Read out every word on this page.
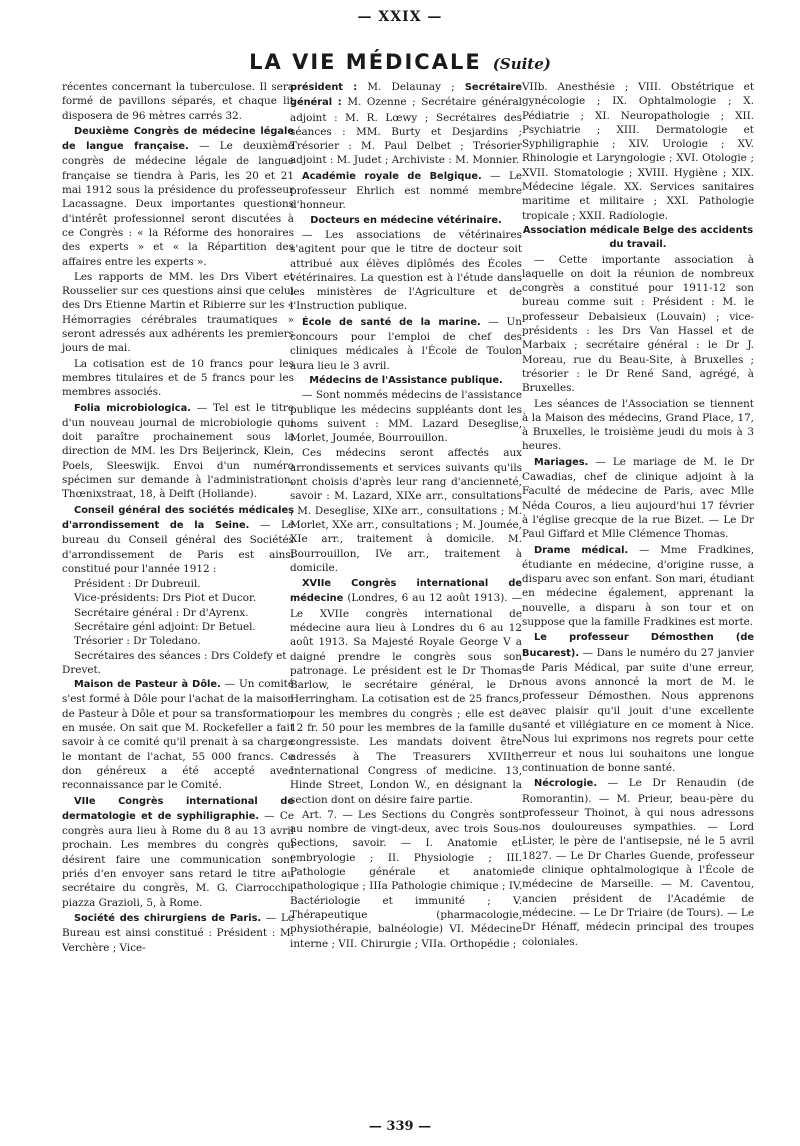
— XXIX —
LA VIE MÉDICALE (Suite)

récentes concernant la tuberculose. Il sera formé de pavillons séparés, et chaque lit disposera de 96 mètres carrés 32.

Deuxième Congrès de médecine légale de langue française. — Le deuxième congrès de médecine légale de langue française se tiendra à Paris, les 20 et 21 mai 1912 sous la présidence du professeur Lacassagne. Deux importantes questions d'intérêt professionnel seront discutées à ce Congrès : « la Réforme des honoraires des experts » et « la Répartition des affaires entre les experts ».

Les rapports de MM. les Drs Vibert et Rousselier sur ces questions ainsi que celui des Drs Etienne Martin et Ribierre sur les « Hémorragies cérébrales traumatiques » seront adressés aux adhérents les premiers jours de mai.

La cotisation est de 10 francs pour les membres titulaires et de 5 francs pour les membres associés.

Folia microbiologica. — Tel est le titre d'un nouveau journal de microbiologie qui doit paraître prochainement sous la direction de MM. les Drs Beijerinck, Klein, Poels, Sleeswijk. Envoi d'un numéro spécimen sur demande à l'administration, Thœnixstraat, 18, à Delft (Hollande).

Conseil général des sociétés médicales d'arrondissement de la Seine. — Le bureau du Conseil général des Sociétés d'arrondissement de Paris est ainsi constitué pour l'année 1912 :

Président : Dr Dubreuil.
Vice-présidents: Drs Piot et Ducor.
Secrétaire général : Dr d'Ayrenx.
Secrétaire génl adjoint: Dr Betuel.
Trésorier : Dr Toledano.
Secrétaires des séances : Drs Coldefy et Drevet.

Maison de Pasteur à Dôle. — Un comité s'est formé à Dôle pour l'achat de la maison de Pasteur à Dôle et pour sa transformation en musée. On sait que M. Rockefeller a fait savoir à ce comité qu'il prenait à sa charge le montant de l'achat, 55 000 francs. Ce don généreux a été accepté avec reconnaissance par le Comité.

VIIe Congrès international de dermatologie et de syphiligraphie. — Ce congrès aura lieu à Rome du 8 au 13 avril prochain. Les membres du congrès qui désirent faire une communication sont priés d'en envoyer sans retard le titre au secrétaire du congrès, M. G. Ciarrocchi, piazza Grazioli, 5, à Rome.

Société des chirurgiens de Paris. — Le Bureau est ainsi constitué : Président : M. Verchère ; Vice-

président : M. Delaunay ; Secrétaire général : M. Ozenne ; Secrétaire général adjoint : M. R. Lœwy ; Secrétaires des séances : MM. Burty et Desjardins ; Trésorier : M. Paul Delbet ; Trésorier adjoint : M. Judet ; Archiviste : M. Monnier.

Académie royale de Belgique. — Le professeur Ehrlich est nommé membre d'honneur.

Docteurs en médecine vétérinaire.

— Les associations de vétérinaires s'agitent pour que le titre de docteur soit attribué aux élèves diplômés des Écoles vétérinaires. La question est à l'étude dans les ministères de l'Agriculture et de l'Instruction publique.

École de santé de la marine. — Un concours pour l'emploi de chef des cliniques médicales à l'École de Toulon aura lieu le 3 avril.

Médecins de l'Assistance publique.

— Sont nommés médecins de l'assistance publique les médecins suppléants dont les noms suivent : MM. Lazard Deseglise, Morlet, Joumée, Bourrouillon.

Ces médecins seront affectés aux arrondissements et services suivants qu'ils ont choisis d'après leur rang d'ancienneté, savoir : M. Lazard, XIXe arr., consultations ; M. Deseglise, XIXe arr., consultations ; M. Morlet, XXe arr., consultations ; M. Joumée, XIe arr., traitement à domicile. M. Bourrouillon, IVe arr., traitement à domicile.

XVIIe Congrès international de médecine (Londres, 6 au 12 août 1913). — Le XVIIe congrès international de médecine aura lieu à Londres du 6 au 12 août 1913. Sa Majesté Royale George V a daigné prendre le congrès sous son patronage. Le président est le Dr Thomas Barlow, le secrétaire général, le Dr Herringham. La cotisation est de 25 francs, pour les membres du congrès ; elle est de 12 fr. 50 pour les membres de la famille du congressiste. Les mandats doivent être adressés à The Treasurers XVIIth International Congress of medicine. 13, Hinde Street, London W., en désignant la section dont on désire faire partie.

Art. 7. — Les Sections du Congrès sont au nombre de vingt-deux, avec trois Sous-Sections, savoir. — I. Anatomie et embryologie ; II. Physiologie ; III. Pathologie générale et anatomie pathologique ; IIIa Pathologie chimique ; IV. Bactériologie et immunité ; V. Thérapeutique (pharmacologie, physiothérapie, balnéologie) VI. Médecine interne ; VII. Chirurgie ; VIIa. Orthopédie ;

VIIb. Anesthésie ; VIII. Obstétrique et gynécologie ; IX. Ophtalmologie ; X. Pédiatrie ; XI. Neuropathologie ; XII. Psychiatrie ; XIII. Dermatologie et Syphiligraphie ; XIV. Urologie ; XV. Rhinologie et Laryngologie ; XVI. Otologie ; XVII. Stomatologie ; XVIII. Hygiène ; XIX. Médecine légale. XX. Services sanitaires maritime et militaire ; XXI. Pathologie tropicale ; XXII. Radiologie.

Association médicale Belge des accidents du travail.

— Cette importante association à laquelle on doit la réunion de nombreux congrès a constitué pour 1911-12 son bureau comme suit : Président : M. le professeur Debaisieux (Louvain) ; vice-présidents : les Drs Van Hassel et de Marbaix ; secrétaire général : le Dr J. Moreau, rue du Beau-Site, à Bruxelles ; trésorier : le Dr René Sand, agrégé, à Bruxelles.

Les séances de l'Association se tiennent à la Maison des médecins, Grand Place, 17, à Bruxelles, le troisième jeudi du mois à 3 heures.

Mariages. — Le mariage de M. le Dr Cawadias, chef de clinique adjoint à la Faculté de médecine de Paris, avec Mlle Néda Couros, a lieu aujourd'hui 17 février à l'église grecque de la rue Bizet. — Le Dr Paul Giffard et Mlle Clémence Thomas.

Drame médical. — Mme Fradkines, étudiante en médecine, d'origine russe, a disparu avec son enfant. Son mari, étudiant en médecine également, apprenant la nouvelle, a disparu à son tour et on suppose que la famille Fradkines est morte.

Le professeur Démosthen (de Bucarest). — Dans le numéro du 27 janvier de Paris Médical, par suite d'une erreur, nous avons annoncé la mort de M. le professeur Démosthen. Nous apprenons avec plaisir qu'il jouit d'une excellente santé et villégiature en ce moment à Nice. Nous lui exprimons nos regrets pour cette erreur et nous lui souhaitons une longue continuation de bonne santé.

Nécrologie. — Le Dr Renaudin (de Romorantin). — M. Prieur, beau-père du professeur Thoinot, à qui nous adressons nos douloureuses sympathies. — Lord Lister, le père de l'antisepsie, né le 5 avril 1827. — Le Dr Charles Guende, professeur de clinique ophtalmologique à l'École de médecine de Marseille. — M. Caventou, ancien président de l'Académie de médecine. — Le Dr Triaire (de Tours). — Le Dr Hénaff, médecin principal des troupes coloniales.

— 339 —
